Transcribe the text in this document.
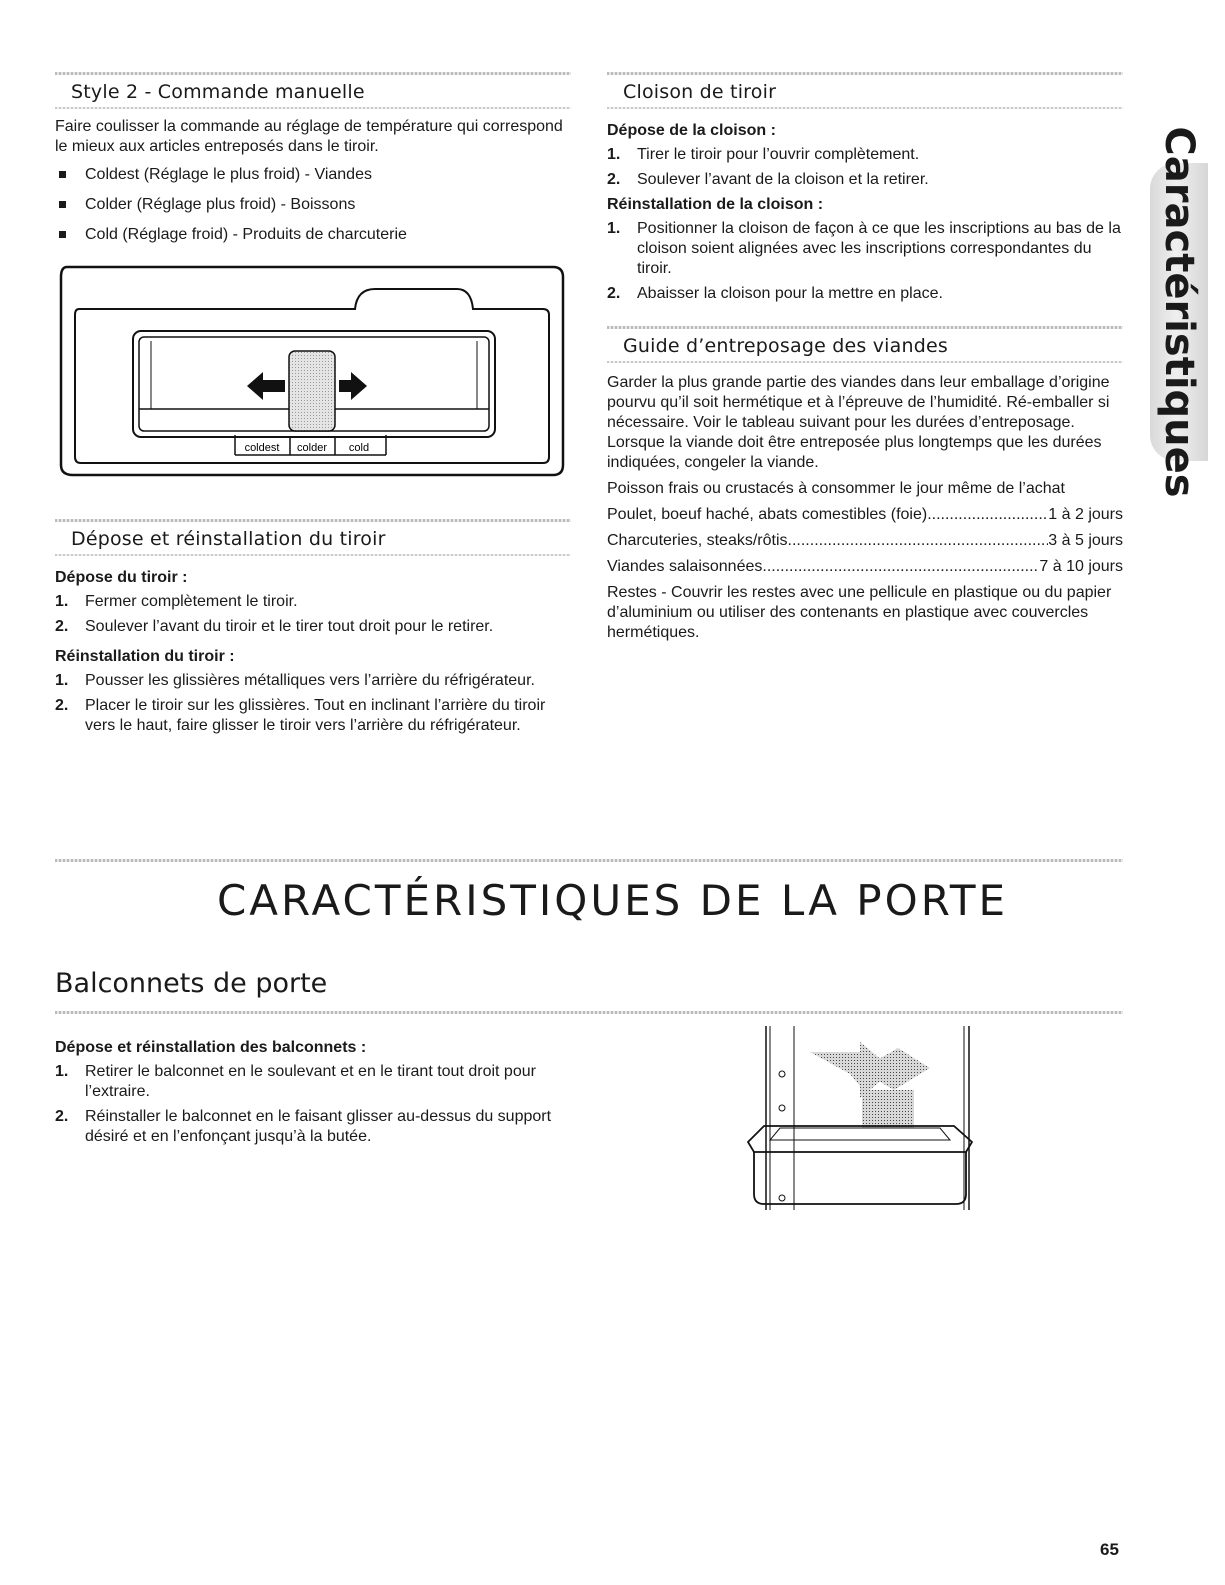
Style 2 - Commande manuelle

Faire coulisser la commande au réglage de température qui correspond le mieux aux articles entreposés dans le tiroir.

Coldest (Réglage le plus froid) - Viandes
Colder (Réglage plus froid) - Boissons
Cold (Réglage froid) - Produits de charcuterie
coldest colder cold
Dépose et réinstallation du tiroir
Dépose du tiroir :
1. Fermer complètement le tiroir.
2. Soulever l’avant du tiroir et le tirer tout droit pour le retirer.
Réinstallation du tiroir :
1. Pousser les glissières métalliques vers l’arrière du réfrigérateur.
2. Placer le tiroir sur les glissières. Tout en inclinant l’arrière du tiroir vers le haut, faire glisser le tiroir vers l’arrière du réfrigérateur.
Cloison de tiroir
Dépose de la cloison :
1. Tirer le tiroir pour l’ouvrir complètement.
2. Soulever l’avant de la cloison et la retirer.
Réinstallation de la cloison :
1. Positionner la cloison de façon à ce que les inscriptions au bas de la cloison soient alignées avec les inscriptions correspondantes du tiroir.
2. Abaisser la cloison pour la mettre en place.
Guide d’entreposage des viandes

Garder la plus grande partie des viandes dans leur emballage d’origine pourvu qu’il soit hermétique et à l’épreuve de l’humidité. Ré-emballer si nécessaire. Voir le tableau suivant pour les durées d’entreposage. Lorsque la viande doit être entreposée plus longtemps que les durées indiquées, congeler la viande.

Poisson frais ou crustacés à consommer le jour même de l’achat

Poulet, boeuf haché, abats comestibles (foie) .....	1 à 2 jours
Charcuteries, steaks/rôtis .....	3 à 5 jours
Viandes salaisonnées .....	7 à 10 jours

Restes - Couvrir les restes avec une pellicule en plastique ou du papier d’aluminium ou utiliser des contenants en plastique avec couvercles hermétiques.

Caractéristiques
CARACTÉRISTIQUES DE LA PORTE
Balconnets de porte
Dépose et réinstallation des balconnets :
1. Retirer le balconnet en le soulevant et en le tirant tout droit pour l’extraire.
2. Réinstaller le balconnet en le faisant glisser au-dessus du support désiré et en l’enfonçant jusqu’à la butée.
65
